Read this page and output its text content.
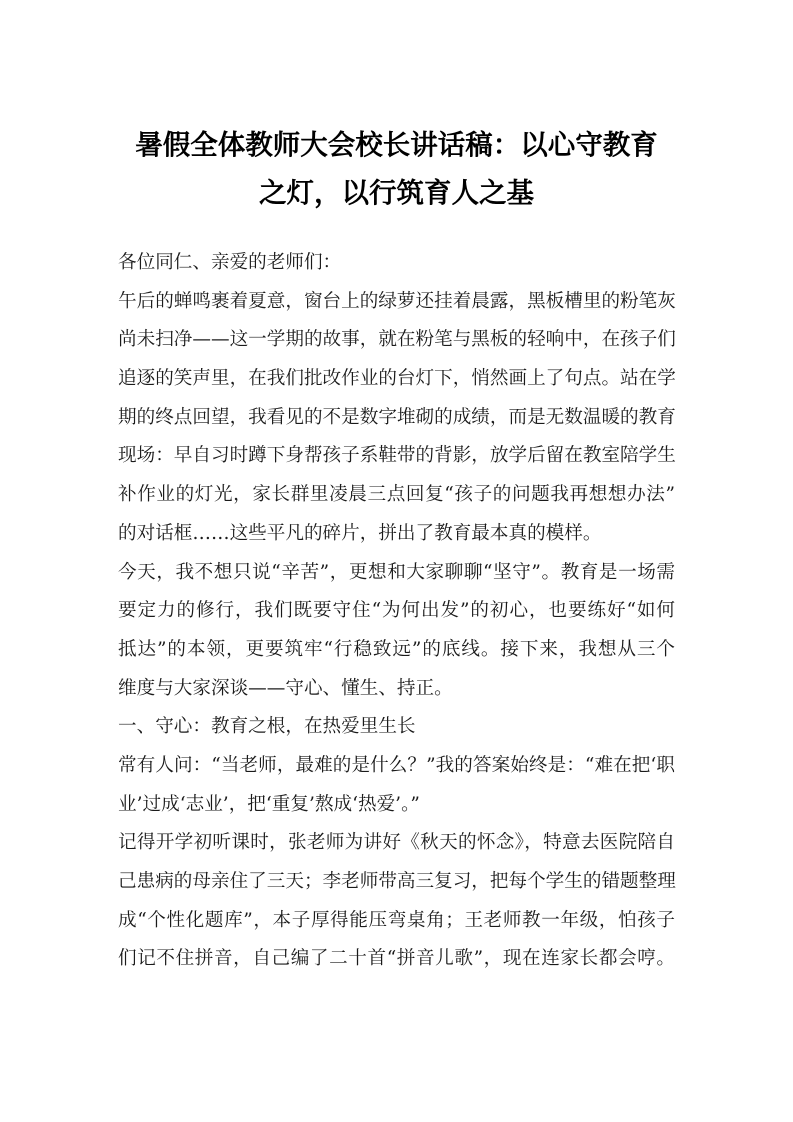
暑假全体教师大会校长讲话稿：以心守教育
之灯，以行筑育人之基
各位同仁、亲爱的老师们：
午后的蝉鸣裹着夏意，窗台上的绿萝还挂着晨露，黑板槽里的粉笔灰
尚未扫净——这一学期的故事，就在粉笔与黑板的轻响中，在孩子们
追逐的笑声里，在我们批改作业的台灯下，悄然画上了句点。站在学
期的终点回望，我看见的不是数字堆砌的成绩，而是无数温暖的教育
现场：早自习时蹲下身帮孩子系鞋带的背影，放学后留在教室陪学生
补作业的灯光，家长群里凌晨三点回复“孩子的问题我再想想办法”
的对话框……这些平凡的碎片，拼出了教育最本真的模样。
今天，我不想只说“辛苦”，更想和大家聊聊“坚守”。教育是一场需
要定力的修行，我们既要守住“为何出发”的初心，也要练好“如何
抵达”的本领，更要筑牢“行稳致远”的底线。接下来，我想从三个
维度与大家深谈——守心、懂生、持正。
一、守心：教育之根，在热爱里生长
常有人问：“当老师，最难的是什么？”我的答案始终是：“难在把‘职
业’过成‘志业’，把‘重复’熬成‘热爱’。”
记得开学初听课时，张老师为讲好《秋天的怀念》，特意去医院陪自
己患病的母亲住了三天；李老师带高三复习，把每个学生的错题整理
成“个性化题库”，本子厚得能压弯桌角；王老师教一年级，怕孩子
们记不住拼音，自己编了二十首“拼音儿歌”，现在连家长都会哼。
